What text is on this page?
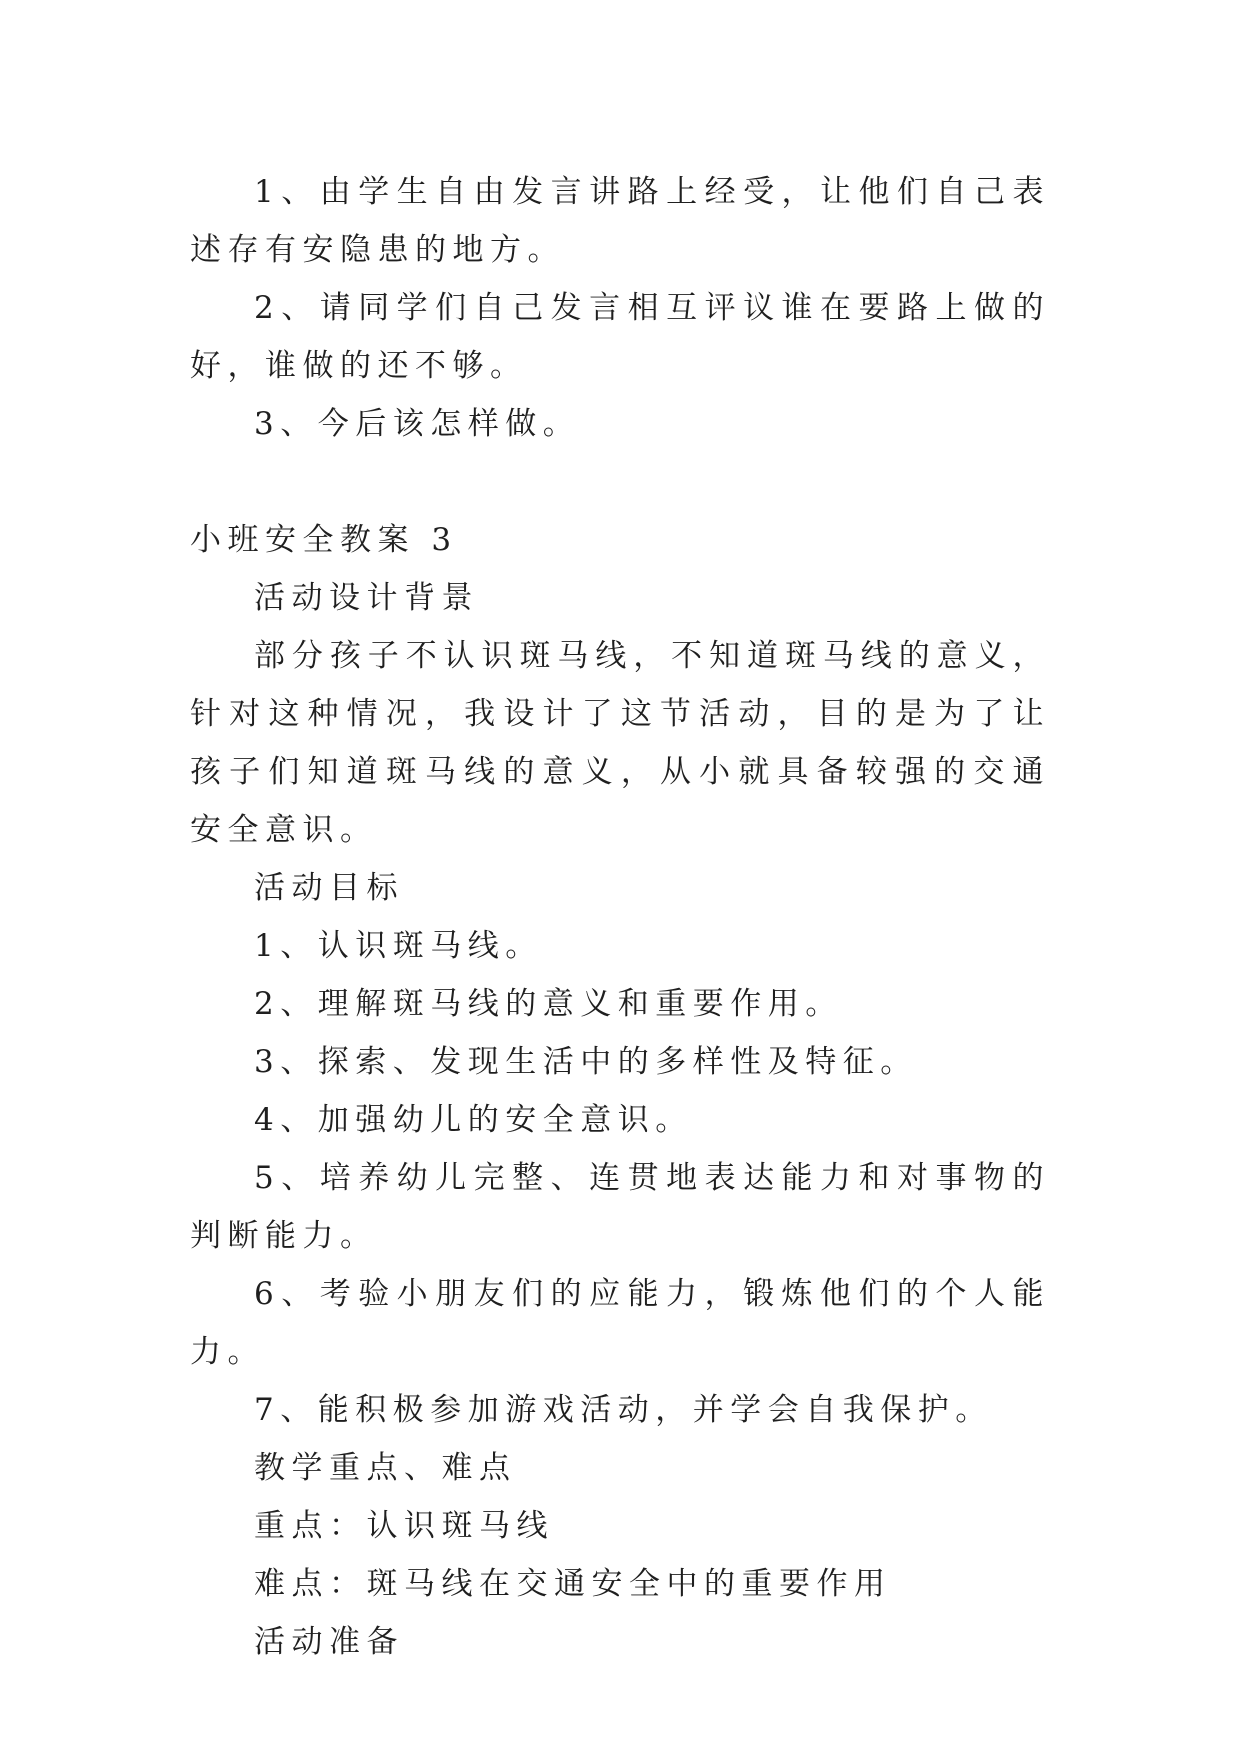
1、由学生自由发言讲路上经受，让他们自己表述存有安隐患的地方。

2、请同学们自己发言相互评议谁在要路上做的好，谁做的还不够。

3、今后该怎样做。

小班安全教案 3

活动设计背景

部分孩子不认识斑马线，不知道斑马线的意义，针对这种情况，我设计了这节活动，目的是为了让孩子们知道斑马线的意义，从小就具备较强的交通安全意识。

活动目标

1、认识斑马线。

2、理解斑马线的意义和重要作用。

3、探索、发现生活中的多样性及特征。

4、加强幼儿的安全意识。

5、培养幼儿完整、连贯地表达能力和对事物的判断能力。

6、考验小朋友们的应能力，锻炼他们的个人能力。

7、能积极参加游戏活动，并学会自我保护。

教学重点、难点

重点：认识斑马线

难点：斑马线在交通安全中的重要作用

活动准备
